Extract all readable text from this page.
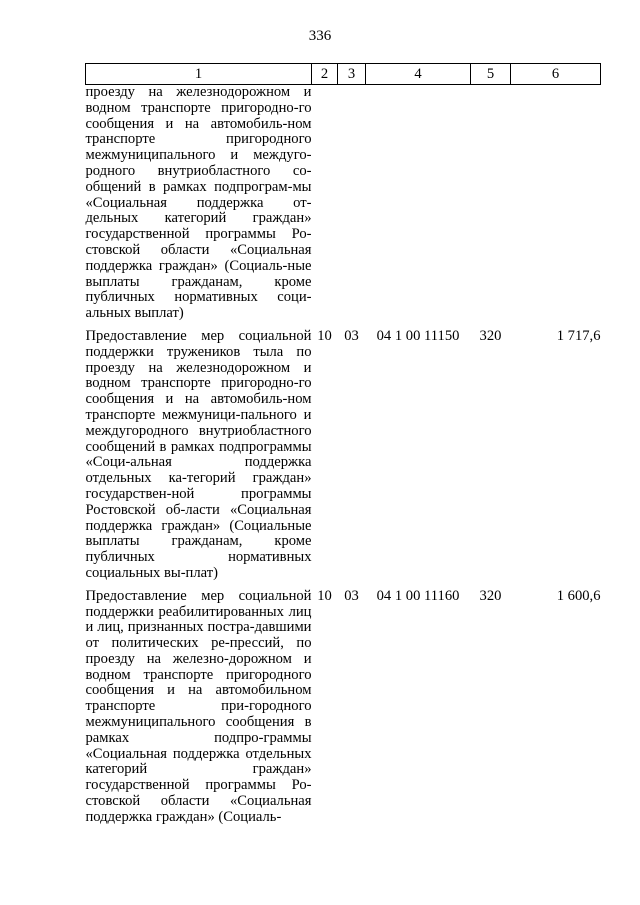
336
1	2	3	4	5	6
проезду на железнодорожном и водном транспорте пригородно-го сообщения и на автомобиль-ном транспорте пригородного межмуниципального и междуго-родного внутриобластного со-общений в рамках подпрограм-мы «Социальная поддержка от-дельных категорий граждан» государственной программы Ро-стовской области «Социальная поддержка граждан» (Социаль-ные выплаты гражданам, кроме публичных нормативных соци-альных выплат)					
Предоставление мер социальной поддержки тружеников тыла по проезду на железнодорожном и водном транспорте пригородно-го сообщения и на автомобиль-ном транспорте межмуници-пального и междугородного внутриобластного сообщений в рамках подпрограммы «Соци-альная поддержка отдельных ка-тегорий граждан» государствен-ной программы Ростовской об-ласти «Социальная поддержка граждан» (Социальные выплаты гражданам, кроме публичных нормативных социальных вы-плат)	10	03	04 1 00 11150	320	1 717,6
Предоставление мер социальной поддержки реабилитированных лиц и лиц, признанных постра-давшими от политических ре-прессий, по проезду на железно-дорожном и водном транспорте пригородного сообщения и на автомобильном транспорте при-городного межмуниципального сообщения в рамках подпро-граммы «Социальная поддержка отдельных категорий граждан» государственной программы Ро-стовской области «Социальная поддержка граждан» (Социаль-	10	03	04 1 00 11160	320	1 600,6
